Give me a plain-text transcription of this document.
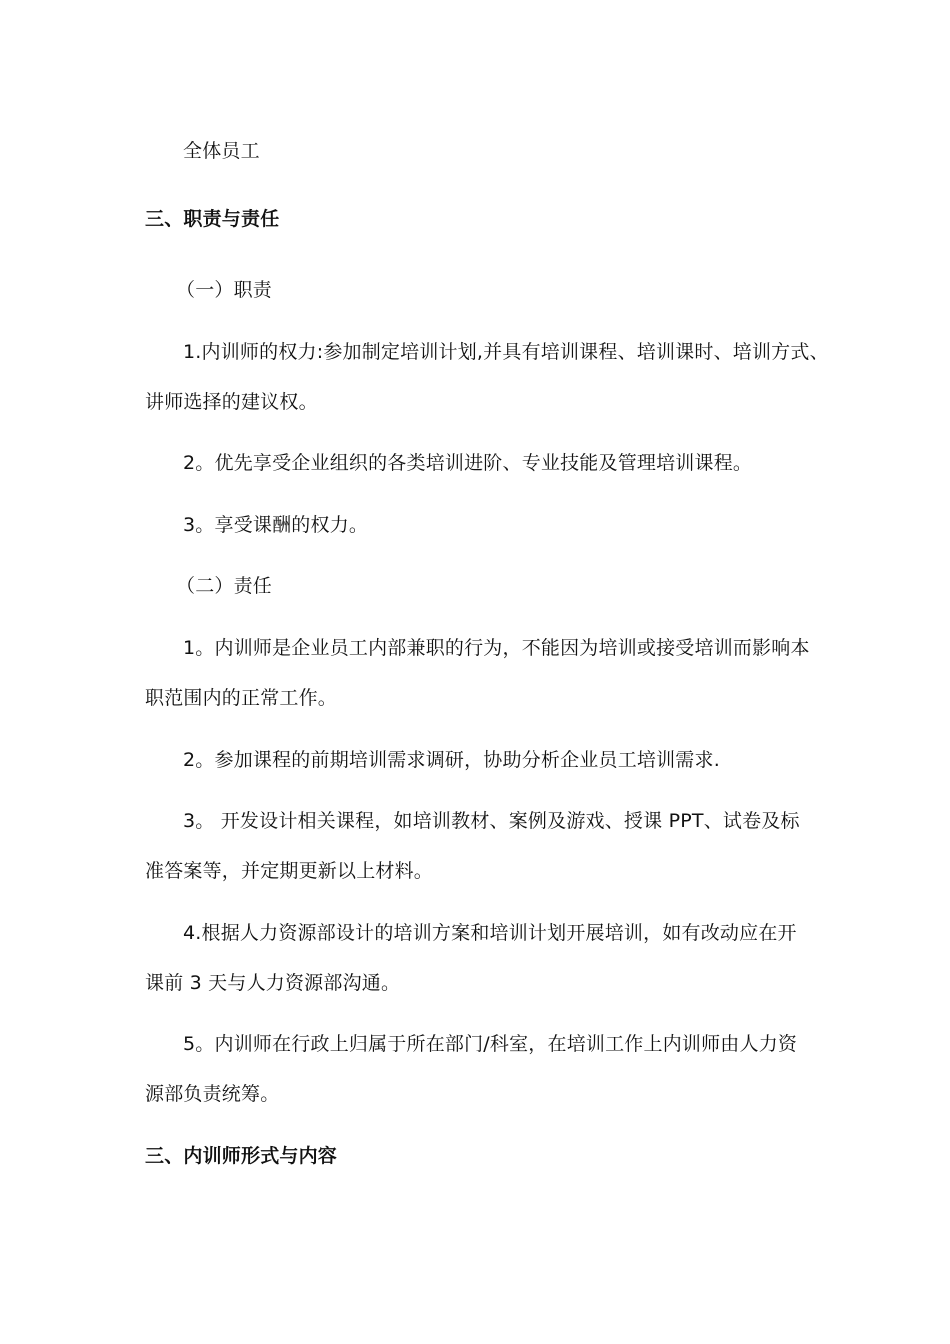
全体员工
三、职责与责任
（一）职责
1.内训师的权力:参加制定培训计划,并具有培训课程、培训课时、培训方式、
讲师选择的建议权。
2。优先享受企业组织的各类培训进阶、专业技能及管理培训课程。
3。享受课酬的权力。
（二）责任
1。内训师是企业员工内部兼职的行为，不能因为培训或接受培训而影响本
职范围内的正常工作。
2。参加课程的前期培训需求调研，协助分析企业员工培训需求.
3。 开发设计相关课程，如培训教材、案例及游戏、授课 PPT、试卷及标
准答案等，并定期更新以上材料。
4.根据人力资源部设计的培训方案和培训计划开展培训，如有改动应在开
课前 3 天与人力资源部沟通。
5。内训师在行政上归属于所在部门/科室，在培训工作上内训师由人力资
源部负责统筹。
三、内训师形式与内容
